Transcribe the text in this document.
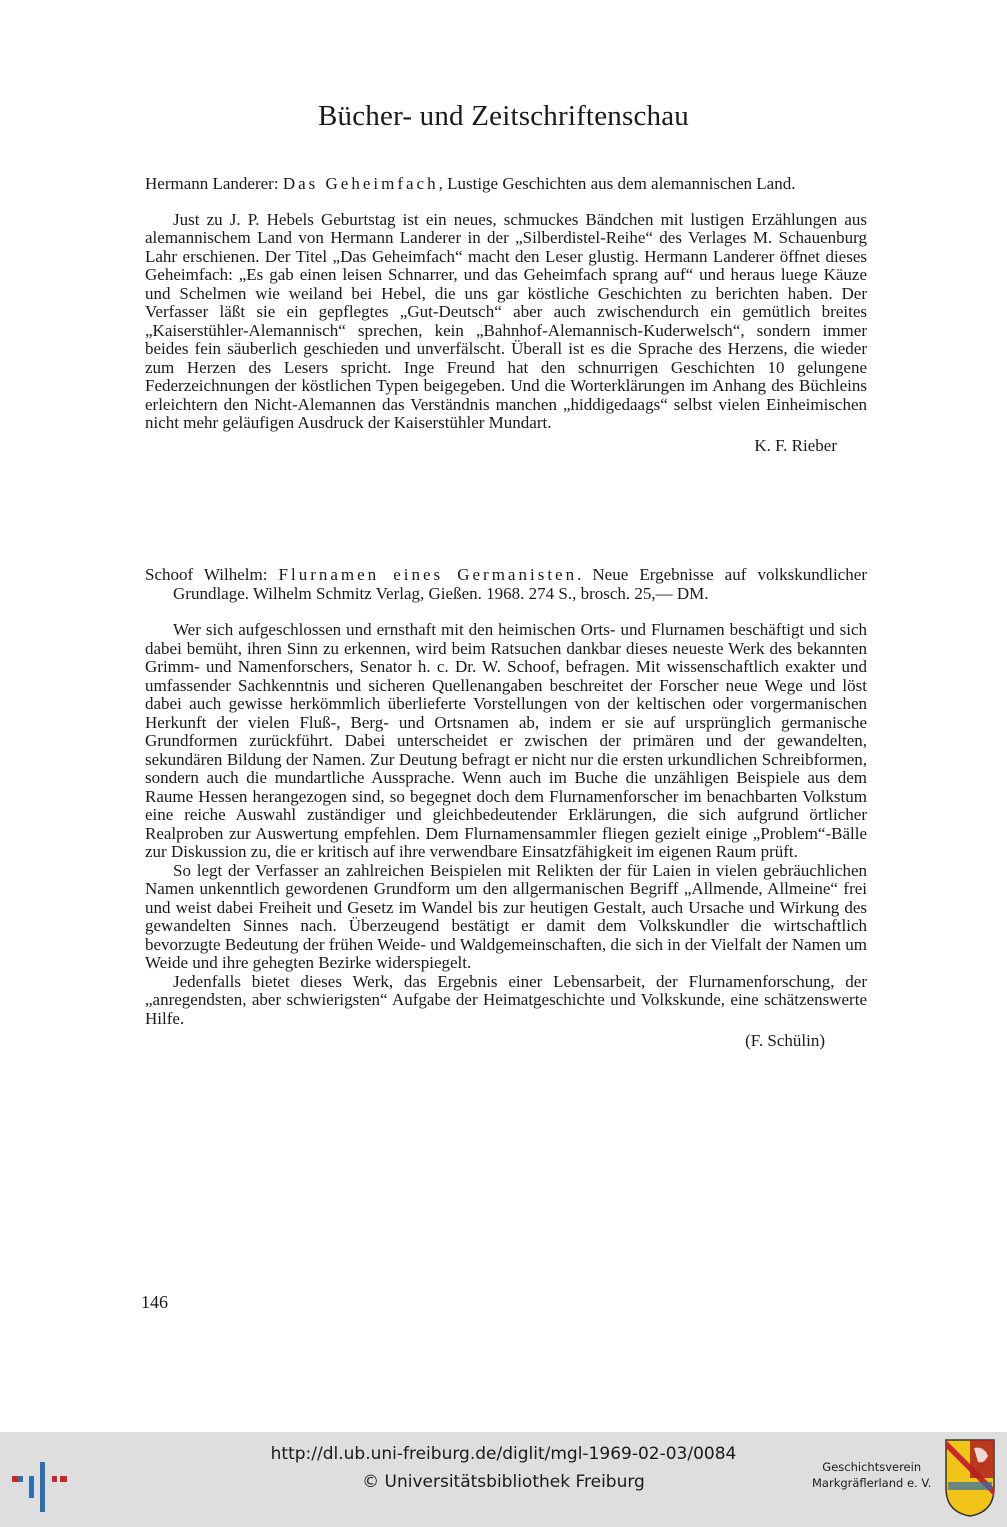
Bücher- und Zeitschriftenschau
Hermann Landerer: Das Geheimfach, Lustige Geschichten aus dem alemannischen Land.

Just zu J. P. Hebels Geburtstag ist ein neues, schmuckes Bändchen mit lustigen Erzählungen aus alemannischem Land von Hermann Landerer in der „Silberdistel-Reihe“ des Verlages M. Schauenburg Lahr erschienen. Der Titel „Das Geheimfach“ macht den Leser glustig. Hermann Landerer öffnet dieses Geheimfach: „Es gab einen leisen Schnarrer, und das Geheimfach sprang auf“ und heraus luege Käuze und Schelmen wie weiland bei Hebel, die uns gar köstliche Geschichten zu berichten haben. Der Verfasser läßt sie ein gepflegtes „Gut-Deutsch“ aber auch zwischendurch ein gemütlich breites „Kaiserstühler-Alemannisch“ sprechen, kein „Bahnhof-Alemannisch-Kuderwelsch“, sondern immer beides fein säuberlich geschieden und unverfälscht. Überall ist es die Sprache des Herzens, die wieder zum Herzen des Lesers spricht. Inge Freund hat den schnurrigen Geschichten 10 gelungene Federzeichnungen der köstlichen Typen beigegeben. Und die Worterklärungen im Anhang des Büchleins erleichtern den Nicht-Alemannen das Verständnis manchen „hiddigedaags“ selbst vielen Einheimischen nicht mehr geläufigen Ausdruck der Kaiserstühler Mundart.

K. F. Rieber
Schoof Wilhelm: Flurnamen eines Germanisten. Neue Ergebnisse auf volkskundlicher Grundlage. Wilhelm Schmitz Verlag, Gießen. 1968. 274 S., brosch. 25,— DM.

Wer sich aufgeschlossen und ernsthaft mit den heimischen Orts- und Flurnamen beschäftigt und sich dabei bemüht, ihren Sinn zu erkennen, wird beim Ratsuchen dankbar dieses neueste Werk des bekannten Grimm- und Namenforschers, Senator h. c. Dr. W. Schoof, befragen. Mit wissenschaftlich exakter und umfassender Sachkenntnis und sicheren Quellenangaben beschreitet der Forscher neue Wege und löst dabei auch gewisse herkömmlich überlieferte Vorstellungen von der keltischen oder vorgermanischen Herkunft der vielen Fluß-, Berg- und Ortsnamen ab, indem er sie auf ursprünglich germanische Grundformen zurückführt. Dabei unterscheidet er zwischen der primären und der gewandelten, sekundären Bildung der Namen. Zur Deutung befragt er nicht nur die ersten urkundlichen Schreibformen, sondern auch die mundartliche Aussprache. Wenn auch im Buche die unzähligen Beispiele aus dem Raume Hessen herangezogen sind, so begegnet doch dem Flurnamenforscher im benachbarten Volkstum eine reiche Auswahl zuständiger und gleichbedeutender Erklärungen, die sich aufgrund örtlicher Realproben zur Auswertung empfehlen. Dem Flurnamensammler fliegen gezielt einige „Problem“-Bälle zur Diskussion zu, die er kritisch auf ihre verwendbare Einsatzfähigkeit im eigenen Raum prüft.

So legt der Verfasser an zahlreichen Beispielen mit Relikten der für Laien in vielen gebräuchlichen Namen unkenntlich gewordenen Grundform um den allgermanischen Begriff „Allmende, Allmeine“ frei und weist dabei Freiheit und Gesetz im Wandel bis zur heutigen Gestalt, auch Ursache und Wirkung des gewandelten Sinnes nach. Überzeugend bestätigt er damit dem Volkskundler die wirtschaftlich bevorzugte Bedeutung der frühen Weide- und Waldgemeinschaften, die sich in der Vielfalt der Namen um Weide und ihre gehegten Bezirke widerspiegelt.

Jedenfalls bietet dieses Werk, das Ergebnis einer Lebensarbeit, der Flurnamenforschung, der „anregendsten, aber schwierigsten“ Aufgabe der Heimatgeschichte und Volkskunde, eine schätzenswerte Hilfe.

(F. Schülin)
146
http://dl.ub.uni-freiburg.de/diglit/mgl-1969-02-03/0084
© Universitätsbibliothek Freiburg
Geschichtsverein
Markgräflerland e. V.
